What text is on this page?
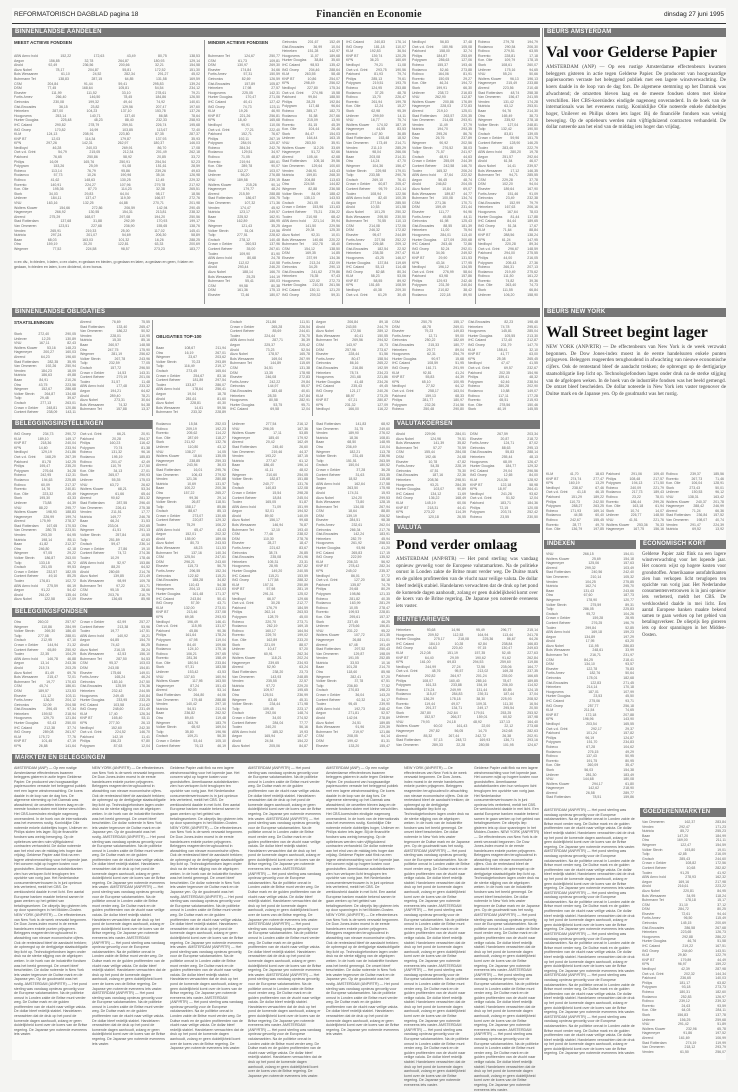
REFORMATORISCH DAGBLAD pagina 18	Financiën en Economie	dinsdag 27 juni 1995
BINNENLANDSE AANDELEN
MEEST ACTIEVE FONDSEN
ABN Amro hold	152,22	172,63	43,49	80,75	138,53
Aegon	156,85	32,78	264,87	180,93	129,14
Ahold	92,49	236,56	200,66	32,21	154,58
Akzo Nobel	78,17	204,87	55,81	172,52	151,30
Bols Wessanen	61,10	24,52	282,34	291,27	45,02
Buhrmann Tet	138,83	287,15	64,85	131,58	169,59
CSM	204,84	91,44	59,41	295,83	139,24
DSM	77,45	168,64	105,81	54,54	234,12
Elsevier	111,99	111,52	33,10	278,61	79,21
Fortis Amev	266,40	146,50	78,45	184,86	126,50
Getronics	230,08	199,32	49,44	74,92	140,61
Gist-Brocades	36,15	23,82	129,56	207,47	197,60
Heineken	287,00	104,23	137,10	153,78	137,26
Hoogovens	253,14	140,71	137,40	86,58	78,64
Hunter Douglas	225,48	48,23	88,40	232,33	258,93
IHC Caland	290,82	278,79	259,51	226,74	195,68
ING Groep	170,82	16,99	103,85	113,67	72,40
KLM	124,13	208,91	223,80	87,35	287,37
KNP BT	12,03	114,34	179,87	137,93	35,93
KPN	297,26	142,31	262,97	180,37	146,03
Nedlloyd	46,28	240,03	269,91	86,70	17,08
Océ-v.d. Grint	54,79	215,05	212,34	201,49	262,18
Pakhoed	76,65	250,86	58,92	20,85	33,72
Philips	16,09	165,76	250,91	254,54	52,23
Polygram	153,26	25,09	91,08	151,61	28,59
Robeco	113,14	76,79	95,86	239,26	49,63
Rodamco	57,73	10,26	190,96	35,04	126,98
Rolinco	41,62	148,63	130,25	12,45	229,32
Rorento	140,91	224,27	107,96	279,78	217,92
Kon. Olie	195,36	87,70	114,23	32,38	265,51
Stork	34,03	29,83	64,04	98,17	18,56
Unilever	184,11	137,47	119,39	166,57	272,76
VNU	163,16	132,25	44,88	270,71	201,98
Wolters Kluwer	154,66	272,86	206,59	142,94	290,45
Hagemeyer	266,92	130,55	154,31	213,81	238,32
Ahrend	275,29	168,07	297,08	194,20	250,56
Stad Rotterdam	137,68	31,88	292,09	170,93	199,17
Van Ommeren	123,51	227,68	236,90	155,65	138,76
Vendex	265,91	219,33	25,00	117,02	145,41
Nutricia	297,24	201,07	54,69	206,30	58,89
Baan	68,03	163,03	101,32	16,26	288,25
Otra	159,19	20,20	122,81	63,33	200,69
Wegener	77,52	224,58	98,57	273,23	183,77
MINDER ACTIEVE FONDSEN
Buhrmann Tet	124,67	250,77
CSM	61,73	109,81
DSM	130,97	269,30
Elsevier	174,84	34,66
Fortis Amev	57,31	150,59
Getronics	82,69	126,59
Gist-Brocades	157,89	105,87
Heineken	17,98	27,57
Hoogovens	225,05	142,31
Hunter Douglas	170,47	271,06
IHC Caland	40,41	127,42
ING Groep	74,73	123,11
KLM	19,26	46,90
KNP BT	221,26	256,81
KPN	18,40	165,68
Nedlloyd	90,91	110,06
Océ-v.d. Grint	77,21	222,40
Pakhoed	152,71	76,67
Philips	192,11	267,19
Polygram	284,91	120,87
Robeco	284,34	242,76
Rodamco	129,51	34,97
Rolinco	71,05	48,87
Rorento	219,94	180,61
Kon. Olie	289,78	90,07
Stork	112,27	103,07
Unilever	56,20	276,88
VNU	189,58	239,15
Wolters Kluwer	215,26	90,14
Hagemeyer	179,77	48,24
Ahrend	215,59	288,88
Stad Rotterdam	186,67	106,75
Van Ommeren	107,32	171,36
Vendex	174,47	45,92
Nutricia	123,17	249,57
Baan	225,52	162,91
Otra	162,89	186,95
Wegener	121,43	35,25
Volker Stevin	51,04	119,56
Tulip	277,51	228,62
Grolsch	278,12	140,48
Crown v Gelder	260,53	137,96
Content Beheer	35,00	267,61
Toolex	109,90	81,90
ABN Amro hold	80,68	24,78
Aegon	112,02	110,58
Ahold	293,44	246,20
Akzo Nobel	188,14	166,70
Bols Wessanen	25,25	144,19
Buhrmann Tet	55,41	150,03
CSM	99,58	80,38
DSM	161,36	175,13
Elsevier	72,46	180,07
Getronics	201,67	152,49
Gist-Brocades	36,99	10,04
Heineken	151,28	142,97
Hoogovens	11,07	189,68
Hunter Douglas 38,84 35,60
IHC Caland	98,53	135,42
ING Groep	204,46	288,64
KLM	263,55	58,48
KNP BT	10,86	254,07
KPN	298,49	256,02
Nedlloyd	227,80	175,34
Océ-v.d. Grint 274,96 15,58
Pakhoed	99,84	188,50
Philips	28,25	192,84
Polygram	117,48	96,64
Robeco	285,17	182,73
Rodamco	51,58	207,66
Rolinco	215,09	13,90
Rorento	81,15	45,39
Kon. Olie	104,44	26,46
Stork	84,47	154,03
Unilever	164,44	163,15
VNU	283,50	35,91
Wolters Kluwer 112,26 33,69
Hagemeyer	51,72	52,66
Ahrend	105,44	42,68
Stad Rotterdam 105,16 39,56
Van Ommeren 129,64 100,60
Vendex	246,91	143,43
Nutricia	159,81	268,30
Baan	204,88	113,63
Otra	224,58	144,82
Wegener	82,88	236,58
Volker Stevin	84,09	188,42
Tulip	135,13	143,53
Grolsch	261,05	41,06
Crown v Gelder 153,96 131,63
Content Beheer 75,21 236,22
Toolex	210,98	68,42
ABN Amro hold 221,14 39,94
Aegon	141,50	229,56
Ahold	29,34	125,30
Akzo Nobel	92,31	10,01
Bols Wessanen 140,66 220,22
Buhrmann Tet 102,78 18,40
CSM	154,12	138,50
DSM	169,35	14,85
Elsevier	237,99	134,36
Fortis Amev	213,24	232,09
Getronics	34,25	290,13
Gist-Brocades 241,62 279,86
Heineken	76,35	97,43
Hoogovens	122,02	272,73
Hunter Douglas 210,35 261,56
IHC Caland	130,11	121,20
ING Groep	239,32	59,31
IHC Caland	240,83	176,14
ING Groep	181,18	110,07
KLM	192,83	36,54
KNP BT	139,74	120,25
KPN	36,23	160,69
Nedlloyd	79,21	11,08
Océ-v.d. Grint 293,75 190,56
Pakhoed	81,93	79,74
Philips	285,13	79,61
Polygram	219,51	193,75
Robeco	124,95	253,88
Rodamco	37,25	48,78
Rolinco	13,70	226,47
Rorento	261,94	199,78
Kon. Olie	12,24	15,27
Stork	62,98	95,39
Unilever	299,59	14,11
VNU	16,77	75,74
Wolters Kluwer 174,02 187,19
Hagemeyer	44,55	83,53
Ahrend	147,50	36,85
Stad Rotterdam 153,48 18,52
Van Ommeren 173,49 214,71
Vendex	211,10	285,29
Nutricia	98,04	266,06
Baan	203,08	214,31
Otra	14,24	47,70
Wegener	104,36	156,47
Volker Stevin	229,98	179,01
Tulip	233,58	290,76
Grolsch	269,10	76,41
Crown v Gelder 60,87 205,47
Content Beheer 95,79 241,14
Toolex	108,94	122,56
ABN Amro hold 82,40 100,35
Aegon	277,54	285,50
Ahold	10,53	101,58
Akzo Nobel	101,25	250,32
Bols Wessanen 295,50 230,50
Buhrmann Tet	70,55	110,13
CSM	214,08	172,06
DSM	246,32	172,82
Elsevier	95,67	244,89
Fortis Amev	227,56	252,22
Getronics	226,68	209,12
Gist-Brocades	182,54	22,52
Heineken	238,35	297,47
Hoogovens	43,25	146,07
Hunter Douglas 137,84 119,69
IHC Caland	53,13	114,48
ING Groep	82,68	80,34
KLM	58,23	53,06
KNP BT	58,55	89,92
KPN	151,65	108,59
Nedlloyd	40,38	209,30
Océ-v.d. Grint	61,29	30,45
Nedlloyd	56,83	37,48
Océ-v.d. Grint 180,96 105,08
Pakhoed	158,00	32,74
Philips	184,87	253,69
Polygram	286,63	127,06
Robeco	155,37	193,46
Rodamco	52,46	273,88
Rolinco	164,06	81,91
Rorento	150,05	29,27
Kon. Olie	46,24	194,72
Stork	199,91	66,30
Unilever	238,72	216,83
VNU	262,90	112,87
Wolters Kluwer 200,86 176,89
Hagemeyer	228,03	272,83
Ahrend	219,10	125,01
Stad Rotterdam 263,57 220,35
Van Ommeren 214,65 293,91
Vendex	11,49	37,79
Nutricia	194,70	293,35
Baan	295,26	86,76
Otra	26,76	237,89
Wegener	90,92	202,56
Volker Stevin	276,52	38,03
Tulip	71,57	241,97
Grolsch	48,91	44,63
Crown v Gelder 255,09 244,39
Content Beheer 242,58 146,70
Toolex	165,32	206,24
ABN Amro hold 37,64 222,52
Aegon	56,45	48,74
Ahold	246,82	204,05
Akzo Nobel	10,84	69,07
Bols Wessanen 189,87 44,77
Buhrmann Tet 100,08 134,74
CSM	271,36	170,71
DSM	159,49	231,44
Elsevier	111,77	94,96
Fortis Amev	45,85	44,11
Getronics	61,98	125,43
Gist-Brocades	88,55	181,39
Heineken	11,00	75,94
Hoogovens	284,01	113,40
Hunter Douglas 127,09 200,68
IHC Caland	263,46	72,86
ING Groep	52,24	292,01
KLM	34,06	249,52
KNP BT	29,90	131,53
KPN	43,34	177,95
Nedlloyd	196,12	134,55
Océ-v.d. Grint	276,99	58,64
Pakhoed	63,98	157,86
Philips	129,93	242,46
Polygram	231,39	240,84
Robeco	210,82	38,42
Rodamco	222,18	89,90
Robeco	279,78	194,79
Rodamco	290,54	206,30
Rolinco	279,51	63,55
Rorento	228,81	17,18
Kon. Olie	109,79	178,15
Stork	108,61	260,07
Unilever	175,16	94,65
VNU	55,24	50,66
Wolters Kluwer 96,13 196,13
Hagemeyer	215,49	233,88
Ahrend	223,56	210,48
Stad Rotterdam 48,74 258,38
Van Ommeren 156,47 241,55
Vendex	131,42	174,28
Nutricia	63,12	253,51
Baan	94,76	214,30
Otra	165,49	38,73
Wegener	235,92	278,18
Volker Stevin	127,04	248,81
Tulip	132,42	190,50
Grolsch	83,81	139,05
Crown v Gelder 59,96 151,75
Content Beheer 128,90 146,25
Toolex	283,46	222,79
ABN Amro hold 280,20 19,78
Aegon	251,57	292,64
Ahold	61,54	46,07
Akzo Nobel	14,41	239,57
Bols Wessanen 17,12 146,35
Buhrmann Tet	94,71	285,55
CSM	229,28	37,78
DSM	102,20	94,04
Elsevier	189,64	167,90
Fortis Amev	151,46	91,09
Getronics	23,49	232,38
Gist-Brocades	152,99	79,79
Heineken	167,63	206,16
Hoogovens	167,64	78,03
Hunter Douglas 81,44 117,88
IHC Caland	84,44	189,65
ING Groep	51,34	17,67
KLM	71,64	88,84
KNP BT	288,56	138,24
KPN	61,24	147,95
Nedlloyd	220,28	89,34
Océ-v.d. Grint 296,67 148,59
Pakhoed	294,00	275,55
Philips	44,00	216,05
Polygram	205,43	27,36
Robeco	266,31	207,13
Rodamco	219,49	275,62
Rolinco	111,50	161,22
Rorento	74,82	39,36
Kon. Olie	263,40	74,73
Stork	111,55	66,84
Unilever	106,20	158,90
x=ex div., b=bieden, l=laten, c=ex claim, e=gedaan en bieden, g=gedaan en laten, a=gedaan en geen, f=laten en gedaan, h=bieden en laten, k=ex dividend, d=ex bonus.
BEURS AMSTERDAM
Val voor Gelderse Papier
AMSTERDAM (ANP) — Op een rustige Amsterdamse effectenbeurs kwamen beleggers gisteren in actie tegen Gelderse Papier. De producent van hoogwaardige papiersoorten verraste het beleggend publiek met een lagere winstverwachting. De koers daalde in de loop van de dag fors. De algemene stemming op het Damrak was afwachtend; de omzetten bleven laag en de meeste fondsen sloten met kleine verschillen. Het CBS-koersindex eindigde nagenoeg onveranderd. In de hoek van de internationals was het eveneens rustig. Koninklijke Olie noteerde enkele dubbeltjes hoger, Unilever en Philips sloten iets lager. Bij de financiële fondsen was weinig beweging. Op de optiebeurs werden ruim vijftigduizend contracten verhandeld. De dollar noteerde aan het eind van de middag iets hoger dan vrijdag.
BINNENLANDSE OBLIGATIES
STAATSLENINGEN
Stork	272,40	290,05
Unilever	12,25	130,89
VNU	167,11	82,43
Wolters Kluwer	53,16	148,23
Hagemeyer	200,27	160,03
Ahrend	64,23	196,60
Stad Rotterdam	282,35	35,95
Van Ommeren	192,26	250,94
Vendex	184,23	18,09
Nutricia	186,63	49,88
Baan	84,91	210,26
Otra	43,75	223,56
Wegener	152,67	286,68
Volker Stevin	264,87	134,68
Tulip	29,48	39,67
Grolsch	277,13	263,01
Crown v Gelder 248,81 120,86
Content Beheer 238,09 143,11
Ahrend	76,69	75,55
Stad Rotterdam	133,40	265,47
Van Ommeren	186,22	50,52
Vendex	228,01	110,95
Nutricia	15,30	85,16
Baan	260,57	148,58
Otra	247,75	175,90
Wegener	281,19	256,62
Volker Stevin	267,78	243,96
Tulip	232,59	77,05
Grolsch	157,72	296,50
Crown v Gelder	14,53	143,31
Content Beheer	279,19	201,06
Toolex	31,57	11,48
ABN Amro hold	177,48	233,32
Aegon	194,21	64,62
Ahold	289,40	78,21
Akzo Nobel	273,31	30,64
Bols Wessanen	74,32	54,38
Buhrmann Tet	157,88	13,37
OBLIGATIES TOP-100
Baan	108,67	211,94
Otra	16,19	267,01
Wegener	23,67	203,62
Volker Stevin	70,23	293,89
Tulip	116,49	219,17
Grolsch	273,45	165,64
Crown v Gelder	254,67	83,16
Content Beheer	181,89	297,54
Toolex	133,87	286,07
ABN Amro hold	178,64	256,41
Aegon	19,04	18,78
Ahold	281,61	81,60
Akzo Nobel	228,81	40,30
Bols Wessanen	14,61	59,56
Buhrmann Tet	233,32	228,89
Grolsch	211,86	111,51
Crown v Gelder	265,28	226,54
Content Beheer	85,69	244,61
Toolex	224,44	276,70
ABN Amro hold	287,71	36,39
Aegon	225,37	225,42
Ahold	73,23	52,54
Akzo Nobel	178,57	165,78
Bols Wessanen	169,04	267,99
Buhrmann Tet	144,89	115,69
CSM	34,51	131,38
DSM	13,35	178,98
Elsevier	246,08	272,83
Fortis Amev	242,22	29,84
Getronics	144,97	55,07
Gist-Brocades	183,48	40,61
Heineken	28,35	247,84
Hoogovens	80,58	282,91
Hunter Douglas	53,75	95,71
IHC Caland	69,58	12,04
Aegon	206,84	89,18
Ahold	243,55	244,79
Akzo Nobel	172,56	289,12
Bols Wessanen	40,41	150,55
Buhrmann Tet	269,56	294,52
CSM	143,97	15,73
DSM	257,96	273,67
Elsevier	228,44	51,56
Fortis Amev	80,47	158,54
Getronics	86,16	265,22
Gist-Brocades	216,86	192,59
Heineken	78,74	234,23
Hoogovens	201,68	221,86
Hunter Douglas	41,48	234,26
IHC Caland	235,43	49,45
ING Groep	121,17	240,26
KLM	88,97	273,25
KNP BT	67,21	280,87
KPN	231,32	127,09
Nedlloyd	166,00	116,22
CSM	250,75	155,17
DSM	48,78	269,01
Elsevier	79,23	149,83
Fortis Amev	12,71	59,00
Getronics	250,22	182,69
Gist-Brocades	215,33	180,77
Heineken	29,77	89,04
Hoogovens	62,31	254,79
Hunter Douglas	90,97	15,68
IHC Caland	108,59	51,95
ING Groep	161,71	291,99
KLM	92,81	41,24
KNP BT	55,83	44,39
KPN	65,10	100,95
Nedlloyd	27,52	64,12
Océ-v.d. Grint	258,17	163,04
Pakhoed	159,13	68,33
Philips	281,77	180,97
Polygram	232,26	214,56
Robeco	250,48	290,80
Gist-Brocades	82,23	198,48
Heineken	74,78	295,61
Hoogovens	145,81	285,04
Hunter Douglas	105,55	213,30
IHC Caland	172,40	212,87
ING Groep	231,79	147,70
KLM	158,41	32,10
KNP BT	41,77	63,00
KPN	25,08	265,45
Nedlloyd	47,47	41,55
Océ-v.d. Grint	69,57	232,67
Pakhoed	202,35	154,96
Philips	159,41	48,32
Polygram	62,46	238,54
Robeco	280,28	202,90
Rodamco	10,88	149,07
Rolinco	117,11	177,28
Rorento	65,51	215,93
Kon. Olie	278,56	150,46
Stork	40,19	145,55
BELEGGINGSINSTELLINGEN
ING Groep	234,73	290,72
KLM	189,10	149,17
KNP BT	218,36	240,04
KPN	14,60	233,94
Nedlloyd	129,19	241,86
Océ-v.d. Grint	168,29	267,39
Pakhoed	81,78	142,25
Philips	195,47	235,20
Polygram	276,64	34,28
Robeco	242,95	112,31
Rodamco	194,63	225,85
Rolinco	60,09	217,37
Rorento	14,76	240,81
Kon. Olie	223,32	20,49
Stork	195,30	43,33
Unilever	73,88	44,39
VNU	88,22	295,77
Wolters Kluwer 198,93 188,83
Hagemeyer	226,99	199,74
Ahrend	175,99	278,37
Stad Rotterdam 167,65 170,53
Van Ommeren	280,75	223,51
Vendex	293,30	64,95
Nutricia	198,14	85,11
Baan	41,82	212,37
Otra	246,80	42,18
Wegener	97,05	29,22
Volker Stevin	186,87	263,00
Tulip	133,18	16,72
Grolsch	251,05	99,53
Crown v Gelder 232,57 182,05
Content Beheer	49,10	85,25
Toolex	176,81	102,72
ABN Amro hold	275,59	66,19
Aegon	91,22	54,42
Ahold	261,00	135,44
Akzo Nobel	122,58	12,09
Océ-v.d. Grint	66,21	20,91
Pakhoed	20,28	294,37
Philips	160,23	116,42
Polygram	70,74	81,38
Robeco	131,32	96,16
Rodamco	195,19	185,83
Rolinco	201,47	42,49
Rorento	110,79	217,50
Kon. Olie	34,13	27,01
Stork	265,07	290,93
Unilever	55,35	175,03
VNU	63,72	26,62
Wolters Kluwer	68,21	53,34
Hagemeyer	61,66	65,44
Ahrend	90,62	281,32
Stad Rotterdam	287,55	296,40
Van Ommeren	226,41	275,38
Vendex	211,51	17,77
Nutricia	149,77	246,78
Baan	66,24	31,53
Otra	233,04	202,65
Wegener	41,51	291,13
Volker Stevin	257,84	10,55
Tulip	251,89	62,63
Grolsch	59,47	236,14
Crown v Gelder	27,86	19,10
Content Beheer	74,72	274,36
Toolex	10,29	178,46
ABN Amro hold	52,97	153,86
Aegon	88,20	64,52
Ahold	280,65	214,76
Akzo Nobel	139,85	221,49
Bols Wessanen	98,99	109,78
Buhrmann Tet	97,22	151,71
CSM	95,15	28,66
DSM	203,76	216,79
Elsevier	136,65	85,98
Rodamco	15,54	252,03
Rolinco	209,19	192,23
Rorento	205,62	114,22
Kon. Olie	287,69	118,27
Stork	211,92	132,76
Unilever	110,80	43,12
VNU	138,27	14,05
Wolters Kluwer	18,64	135,05
Hagemeyer	238,85	259,33
Ahrend	243,94	36,03
Stad Rotterdam	16,01	295,76
Van Ommeren	106,43	279,52
Vendex	121,36	280,88
Nutricia	10,69	131,57
Baan	100,22	200,36
Otra	157,22	265,27
Wegener	99,36	29,14
Volker Stevin	26,87	118,51
Tulip	158,17	85,86
Grolsch	88,67	85,13
Crown v Gelder	273,07	130,65
Content Beheer	220,87	129,32
Toolex	75,29	106,22
ABN Amro hold	65,47	43,43
Aegon	152,01	202,32
Ahold	155,90	189,06
Akzo Nobel	80,73	243,53
Bols Wessanen	48,23	111,53
Buhrmann Tet	137,16	140,34
CSM	125,54	247,61
DSM	296,21	243,60
Elsevier	115,73	56,70
Fortis Amev	296,55	152,34
Getronics	122,62	115,21
Gist-Brocades	188,28	34,82
Heineken	110,43	54,38
Hoogovens	204,13	113,03
Hunter Douglas	161,48	171,37
IHC Caland	243,84	50,41
ING Groep	57,39	43,71
KLM	132,00	273,01
KNP BT	213,46	237,08
KPN	69,08	293,93
Nedlloyd	196,49	146,41
Océ-v.d. Grint	115,95	131,07
Pakhoed	45,86	90,36
Philips	161,64	178,24
Polygram	47,98	119,04
Robeco	84,40	109,66
Rodamco	124,10	175,16
Rolinco	106,21	297,65
Rorento	281,36	158,49
Kon. Olie	180,54	233,84
Stork	97,31	183,58
Unilever	153,42	43,53
VNU	137,63	160,94
Wolters Kluwer	117,95	163,50
Hagemeyer	87,24	151,43
Ahrend	92,03	53,14
Stad Rotterdam	264,80	44,06
Van Ommeren	179,48	288,88
Vendex	140,42	297,10
Nutricia	54,51	211,94
Baan	236,82	262,52
Otra	89,45	119,48
Wegener	163,76	183,79
Volker Stevin	65,92	169,04
Tulip	35,80	196,96
Grolsch	109,21	56,30
Crown v Gelder	53,44	105,10
Content Beheer	76,13	46,19
Unilever	277,54	216,12
VNU	296,05	167,36
Wolters Kluwer	17,11	53,85
Hagemeyer	185,40	179,92
Ahrend	20,42	162,49
Stad Rotterdam	245,40	26,60
Van Ommeren	219,46	44,37
Vendex	193,22	187,15
Nutricia	277,67	61,12
Baan	186,40	196,14
Otra	41,11	48,02
Wegener	210,60	254,05
Volker Stevin	182,87	151,88
Tulip	240,77	131,76
Grolsch	140,83	122,08
Crown v Gelder	15,54	298,28
Content Beheer	18,84	245,04
Toolex	165,05	51,87
ABN Amro hold	71,09	151,99
Aegon	52,01	194,52
Ahold	89,92	140,09
Akzo Nobel	156,17	99,68
Bols Wessanen	146,94	76,87
Buhrmann Tet	12,10	193,40
CSM	77,46	238,02
DSM	110,30	278,76
Elsevier	28,27	18,47
Fortis Amev	221,62	83,67
Getronics	38,74	26,85
Gist-Brocades	235,08	291,96
Heineken	105,31	23,31
Hoogovens	28,95	287,82
Hunter Douglas	149,20	240,55
IHC Caland	115,21	153,59
ING Groep	177,58	288,32
KLM	157,31	250,89
KNP BT	57,98	281,19
KPN	291,31	125,02
Nedlloyd	66,07	129,66
Océ-v.d. Grint	30,28	212,77
Pakhoed	176,79	184,59
Philips	262,14	263,53
Polygram	128,79	45,00
Robeco	220,70	273,71
Rodamco	262,19	169,15
Rolinco	160,17	164,54
Rorento	229,70	199,02
Kon. Olie	162,89	233,20
Stork	221,09	88,07
Unilever	10,47	57,20
VNU	60,91	262,34
Wolters Kluwer	118,21	202,24
Hagemeyer	239,65	234,93
Ahrend	52,90	63,24
Stad Rotterdam	238,20	23,73
Van Ommeren	143,93	248,85
Vendex	235,55	22,57
Nutricia	97,72	229,20
Baan	109,97	195,65
Otra	125,51	236,99
Wegener	83,46	45,31
Volker Stevin	234,44	171,98
Tulip	109,45	223,17
Grolsch	292,06	148,74
Crown v Gelder	34,00	274,52
Content Beheer	284,04	77,77
Toolex	240,20	56,16
ABN Amro hold	185,32	19,93
Aegon	165,94	187,47
Ahold	24,54	154,22
Akzo Nobel	205,06	84,87
Stad Rotterdam	141,83	68,92
Van Ommeren	31,75	249,60
Vendex	189,90	276,02
Nutricia	18,36	108,81
Baan	68,50	148,95
Otra	236,49	110,04
Wegener	182,21	113,78
Volker Stevin	231,45	238,96
Tulip	151,51	263,59
Grolsch	150,04	180,52
Crown v Gelder	37,28	36,28
Content Beheer	31,63	253,35
Toolex	18,52	115,68
ABN Amro hold	162,64	217,58
Aegon	263,50	175,98
Ahold	174,31	15,93
Akzo Nobel	124,20	299,53
Bols Wessanen	73,80	128,15
Buhrmann Tet	134,08	267,94
CSM	18,64	88,80
DSM	139,19	206,52
Elsevier	284,51	98,38
Fortis Amev	232,61	262,04
Getronics	266,34	217,76
Gist-Brocades	142,24	183,91
Heineken	282,79	45,94
Hoogovens	261,92	258,53
Hunter Douglas	93,96	41,20
IHC Caland	265,83	117,15
ING Groep	222,59	135,52
KLM	236,33	56,92
KNP BT	278,42	282,34
KPN	245,02	235,37
Nedlloyd	86,01	37,72
Océ-v.d. Grint	127,20	58,18
Pakhoed	135,87	74,76
Philips	29,68	80,29
Polygram	198,86	121,33
Robeco	281,82	40,35
Rodamco	163,99	281,29
Rolinco	10,05	278,47
Rorento	199,53	228,81
Kon. Olie	295,61	157,37
Stork	237,45	46,25
Unilever	275,66	156,81
VNU	231,22	95,22
Wolters Kluwer	107,72	101,35
Hagemeyer	26,88	211,01
Ahrend	67,48	191,49
Stad Rotterdam	297,52	250,43
Van Ommeren	129,87	198,09
Vendex	191,05	252,85
Nutricia	33,53	10,16
Baan	101,28	214,70
Otra	118,60	85,98
Wegener	282,41	57,20
Volker Stevin	37,78	67,51
Tulip	236,80	77,52
Grolsch	270,83	198,23
Crown v Gelder	36,04	143,20
Content Beheer	62,32	34,17
Toolex	95,45	239,90
ABN Amro hold	192,73	248,42
Aegon	271,81	52,57
Ahold	142,94	278,89
Akzo Nobel	24,51	189,85
Bols Wessanen	91,96	229,39
Buhrmann Tet	219,97	121,86
CSM	208,05	64,14
DSM	199,42	81,31
Elsevier	133,20	155,47
BELEGGINGSFONDSEN
Otra	260,02	257,97
Wegener	110,86	284,99
Volker Stevin	269,30	186,40
Tulip	277,08	288,01
Grolsch	212,95	67,10
Crown v Gelder	144,94	21,32
Content Beheer	65,89	250,92
Toolex	22,35	104,29
ABN Amro hold	146,78	46,88
Aegon	13,14	243,36
Ahold	215,74	203,25
Akzo Nobel	81,49	69,76
Bols Wessanen	215,47	72,01
Buhrmann Tet	19,77	170,63
CSM	45,74	186,61
DSM	189,57	123,53
Elsevier	111,12	103,11
Fortis Amev	136,20	204,12
Getronics	32,09	204,58
Gist-Brocades	296,45	97,34
Heineken	159,52	218,94
Hoogovens	129,70	121,84
Hunter Douglas	92,43	250,00
IHC Caland	212,38	37,74
ING Groep	289,08	261,97
KLM	175,72	77,76
KNP BT	101,45	47,19
KPN	26,88	141,64
Crown v Gelder	62,99	257,27
Content Beheer	213,38	53,96
Toolex	19,77	147,51
ABN Amro hold	140,92	15,21
Aegon	64,85	154,70
Ahold	74,42	86,25
Akzo Nobel	216,15	28,24
Bols Wessanen	42,53	156,10
Buhrmann Tet	287,50	54,53
CSM	95,37	103,03
DSM	243,08	154,81
Elsevier	175,66	149,01
Fortis Amev	165,24	46,24
Getronics	183,16	247,50
Gist-Brocades	125,59	176,36
Heineken	232,42	244,55
Hoogovens	249,45	240,84
Hunter Douglas	233,95	233,25
IHC Caland	103,58	214,62
ING Groep	248,60	231,49
KLM	17,40	126,34
KNP BT	165,40	53,11
KPN	277,30	26,13
Nedlloyd	152,60	242,30
Océ-v.d. Grint	224,52	146,70
Pakhoed	142,19	11,41
Philips	156,23	97,80
Polygram	87,63	12,04
VALUTAKOERSEN
Ahold	229,96	284,01
Akzo Nobel	124,96	79,51
Bols Wessanen	141,39	35,82
Buhrmann Tet	57,27	70,59
CSM	155,44	284,08
DSM	192,46	24,68
Elsevier	10,78	47,82
Fortis Amev	54,35	228,19
Getronics	47,51	75,30
Gist-Brocades	187,16	22,36
Heineken	208,36	298,51
Hoogovens	93,21	284,35
Hunter Douglas	103,07	90,89
IHC Caland	134,12	11,69
ING Groep	136,22	168,49
KLM	145,19	60,06
KNP BT	218,31	44,41
KPN	273,22	114,39
Nedlloyd	120,18	26,55
DSM	267,59	203,34
Elsevier	20,87	218,72
Fortis Amev	124,71	87,02
Getronics	88,63	295,13
Gist-Brocades	55,83	288,14
Heineken	255,44	48,13
Hoogovens	68,09	126,47
Hunter Douglas	184,77	129,32
IHC Caland	29,04	296,56
ING Groep	12,65	84,00
KLM	214,36	128,92
KNP BT	122,18	58,98
KPN	18,97	264,41
Nedlloyd	241,26	93,62
Océ-v.d. Grint	51,52	12,04
Pakhoed	183,71	184,36
Philips	72,15	120,08
Polygram	203,74	252,42
Robeco	23,55	230,50
VALUTA
Pond verder omlaag
AMSTERDAM (ANP/RTR) — Het pond sterling was vandaag opnieuw gevoelig voor de Europese valutamarkten. Na de politieke onrust in Londen zakte de Britse munt verder weg. De Duitse mark en de gulden profiteerden van de vlucht naar veilige valuta. De dollar bleef redelijk stabiel. Handelaren verwachten dat de druk op het pond de komende dagen aanhoudt, zolang er geen duidelijkheid komt over de koers van de Britse regering. De Japanse yen noteerde eveneens iets vaster.
RENTETARIEVEN
Heineken	93,68	14,96	95,49	296,77	215,14
Hoogovens	209,52	112,53	164,94	113,44	241,78
Hunter Douglas	275,17	218,08	225,36	86,67	64,26
IHC Caland	184,10	10,28	62,84	238,84	166,83
ING Groep	44,63	220,40	97,15	130,47	249,63
KLM	212,08	151,19	157,35	52,45	227,63
KNP BT	64,40	29,09	190,62	91,62	262,84
KPN	161,00	69,83	294,53	259,60	119,86
Nedlloyd	244,99	27,24	72,56	235,06	164,77
Océ-v.d. Grint	48,76	95,57	213,02	169,28	237,35
Pakhoed	292,82	264,97	201,24	235,00	166,65
Philips	108,07	160,40	285,16	78,67	189,85
Polygram	161,33	233,88	154,19	206,00	114,52
Robeco	174,24	249,99	131,44	80,85	124,15
Rodamco	115,47	284,83	239,31	187,44	37,04
Rolinco	136,29	178,18	38,30	225,93	208,52
Rorento	119,44	49,07	109,31	111,30	16,54
Kon. Olie	291,37	134,71	249,17	295,54	20,50
Stork	287,80	242,64	179,51	253,25	253,52
Unilever	152,57	266,37	159,01	60,52	157,98
VNU	79,93	24,18	48,92	137,13	164,40
Wolters Kluwer	60,02	161,43	22,00	22,12	273,68
Hagemeyer	297,82	56,05	14,70	242,68	282,63
Ahrend	85,32	267,44	242,72	26,38	202,91
Stad Rotterdam	57,13	248,72	169,93	136,71	293,16
Van Ommeren	289,33	22,28	280,55	101,95	124,67
BEURS NEW YORK
Wall Street begint lager
NEW YORK (ANP/RTR) — De effectenbeurs van New York is de week verzwakt begonnen. De Dow Jones-index moest in de eerste handelsuren enkele punten prijsgeven. Beleggers reageerden terughoudend in afwachting van nieuwe economische cijfers. Ook de rentestand bleef de aandacht trekken; de opbrengst op de dertigjarige staatsobligatie liep licht op. Technologiefondsen lagen onder druk na de sterke stijging van de afgelopen weken. In de hoek van de industriële fondsen was het beeld gemengd. De omzet bleef bescheiden. De dollar noteerde in New York iets vaster tegenover de Duitse mark en de Japanse yen. Op de goudmarkt was het rustig.
KLM	41,70	18,63
KNP BT	274,74	277,47
KPN	160,19	13,29
Nedlloyd	238,67	67,46
Océ-v.d. Grint	41,18	46,15
Pakhoed	151,29	189,22
Philips	110,73	242,50
Polygram	288,27	263,25
Robeco	171,93	169,14
Rodamco	44,55	60,40
Rolinco	242,67	155,45
Rorento	28,77	49,70
Kon. Olie	136,79	197,85
Pakhoed	291,06	109,40
Philips	108,48	217,57
Polygram	194,13	171,50
Robeco	240,09	221,79
Rodamco	217,73	189,43
Rolinco	23,22	78,01
Rorento	186,44	299,26
Kon. Olie	163,18	61,94
Stork	10,74	14,07
Unilever	226,77	148,50
VNU	41,51	221,76
Wolters Kluwer 253,36 76,33
Hagemeyer	167,75	156,16
Rolinco	239,37	185,56
Rorento	267,73	71,46
Kon. Olie	106,04	128,91
Stork	273,43	50,01
Unilever	150,53	96,12
VNU	138,31	163,42
Wolters Kluwer 240,37 201,78
Hagemeyer	288,42	246,99
Ahrend	71,24	66,36
Stad Rotterdam 236,84 157,52
Van Ommeren 198,07 40,74
Vendex	291,47	224,39
Nutricia	69,52	13,92
INDEXEN
VNU	266,15	154,01
Wolters Kluwer	25,69	154,18
Hagemeyer	125,06	157,63
Ahrend	299,32	103,49
Stad Rotterdam	240,56	242,40
Van Ommeren	210,14	105,32
Vendex	104,25	275,85
Nutricia	162,74	295,70
Baan	131,43	243,66
Otra	67,60	187,73
Wegener	178,90	120,77
Volker Stevin	275,59	89,31
Tulip	286,05	225,83
Grolsch	95,72	104,26
Crown v Gelder	159,28	28,95
Content Beheer	276,25	196,79
Toolex	299,84	52,85
ABN Amro hold	169,18	159,23
Aegon	134,89	197,29
Ahold	17,95	63,20
Akzo Nobel	111,95	286,83
Bols Wessanen	248,61	33,99
Buhrmann Tet	216,71	231,97
CSM	84,25	218,41
DSM	134,10	93,57
Elsevier	122,78	75,83
Fortis Amev	182,76	50,64
Getronics	178,01	182,68
Gist-Brocades	122,83	271,45
Heineken	214,14	170,18
Hoogovens	187,01	107,99
Hunter Douglas	23,53	45,50
IHC Caland	275,06	93,71
ING Groep	257,77	256,18
KLM	211,54	74,65
KNP BT	172,18	207,88
KPN	196,96	143,90
Nedlloyd	203,54	165,55
Océ-v.d. Grint	292,17	29,37
Pakhoed	101,24	157,82
Philips	96,19	124,87
Polygram	151,70	234,83
Robeco	67,28	104,62
Rodamco	276,15	49,29
Rolinco	137,43	50,95
Rorento	191,75	80,95
Kon. Olie	260,09	35,47
Stork	56,03	154,38
Unilever	281,30	183,49
VNU	144,68	180,08
Wolters Kluwer	294,17	61,80
Hagemeyer	142,62	218,90
Ahrend	26,58	289,77
Stad Rotterdam	78,51	159,86
ECONOMISCH KORT
Gelderse Papier zakt flink na een lagere winstverwachting voor het lopende jaar. Het concern wijst op hogere kosten voor grondstoffen. Amerikaanse autofabrikanten zien hun verkopen licht teruglopen ten opzichte van vorig jaar. Het Nederlandse consumentenvertrouwen is in juni opnieuw iets verbeterd, meldt het CBS. De werkloosheid daalde in mei licht. Een aantal Europese banken maakte bekend samen te gaan werken op het gebied van betalingsverkeer. De olieprijs liep gisteren iets op door spanningen in het Midden-Oosten.
GOEDERENMARKTEN
Van Ommeren	162,37	283,84
Vendex	292,47	171,23
Nutricia	85,72	255,23
Baan	147,20	184,99
Otra	169,00	211,11
Wegener	122,47	154,59
Volker Stevin	193,80	19,01
Tulip	42,85	216,09
Grolsch	285,43	244,60
Crown v Gelder	108,82	172,56
Content Beheer	10,68	282,82
Toolex	91,25	41,92
ABN Amro hold	278,93	162,32
Aegon	169,16	217,98
Ahold	216,61	223,22
Akzo Nobel	220,81	84,95
Bols Wessanen	34,95	118,24
Buhrmann Tet	178,18	15,17
CSM	31,10	37,12
DSM	284,72	80,25
Elsevier	72,61	94,44
Fortis Amev	96,50	115,49
Getronics	145,15	200,69
Gist-Brocades	286,58	267,68
Heineken	223,65	126,73
Hoogovens	292,88	286,22
Hunter Douglas	46,76	51,58
IHC Caland	219,22	167,51
ING Groep	244,60	143,51
KLM	29,80	122,79
KNP BT	179,89	44,49
KPN	96,97	159,22
Nedlloyd	42,39	287,98
Océ-v.d. Grint	202,32	144,34
Pakhoed	236,65	140,03
Philips	181,17	63,82
Polygram	93,18	273,73
Robeco	180,31	182,60
Rodamco	252,83	126,97
Rolinco	239,12	239,32
Rorento	24,63	93,59
Kon. Olie	64,03	284,11
Stork	156,83	137,78
Unilever	156,25	259,68
VNU	291,42	51,89
Wolters Kluwer	232,96	65,78
Hagemeyer	91,86	197,52
Ahrend	161,69	106,99
Stad Rotterdam	274,19	119,99
Van Ommeren	218,12	293,79
Vendex	61,50	256,07
MARKTEN EN BELEGGINGEN
AMSTERDAM (ANP) — Op een rustige Amsterdamse effectenbeurs kwamen beleggers gisteren in actie tegen Gelderse Papier. De producent van hoogwaardige papiersoorten verraste het beleggend publiek met een lagere winstverwachting. De koers daalde in de loop van de dag fors. De algemene stemming op het Damrak was afwachtend; de omzetten bleven laag en de meeste fondsen sloten met kleine verschillen. Het CBS-koersindex eindigde nagenoeg onveranderd. In de hoek van de internationals was het eveneens rustig. Koninklijke Olie noteerde enkele dubbeltjes hoger, Unilever en Philips sloten iets lager. Bij de financiële fondsen was weinig beweging. Op de optiebeurs werden ruim vijftigduizend contracten verhandeld. De dollar noteerde aan het eind van de middag iets hoger dan vrijdag. Gelderse Papier zakt flink na een lagere winstverwachting voor het lopende jaar. Het concern wijst op hogere kosten voor grondstoffen. Amerikaanse autofabrikanten zien hun verkopen licht teruglopen ten opzichte van vorig jaar. Het Nederlandse consumentenvertrouwen is in juni opnieuw iets verbeterd, meldt het CBS. De werkloosheid daalde in mei licht. Een aantal Europese banken maakte bekend samen te gaan werken op het gebied van betalingsverkeer. De olieprijs liep gisteren iets op door spanningen in het Midden-Oosten. NEW YORK (ANP/RTR) — De effectenbeurs van New York is de week verzwakt begonnen. De Dow Jones-index moest in de eerste handelsuren enkele punten prijsgeven. Beleggers reageerden terughoudend in afwachting van nieuwe economische cijfers. Ook de rentestand bleef de aandacht trekken; de opbrengst op de dertigjarige staatsobligatie liep licht op. Technologiefondsen lagen onder druk na de sterke stijging van de afgelopen weken. In de hoek van de industriële fondsen was het beeld gemengd. De omzet bleef bescheiden. De dollar noteerde in New York iets vaster tegenover de Duitse mark en de Japanse yen. Op de goudmarkt was het rustig. AMSTERDAM (ANP/RTR) — Het pond sterling was vandaag opnieuw gevoelig voor de Europese valutamarkten. Na de politieke onrust in Londen zakte de Britse munt verder weg. De Duitse mark en de gulden profiteerden van de vlucht naar veilige valuta. De dollar bleef redelijk stabiel. Handelaren verwachten dat de druk op het pond de komende dagen aanhoudt, zolang er geen duidelijkheid komt over de koers van de Britse regering. De Japanse yen noteerde eveneens iets vaster.
NEW YORK (ANP/RTR) — De effectenbeurs van New York is de week verzwakt begonnen. De Dow Jones-index moest in de eerste handelsuren enkele punten prijsgeven. Beleggers reageerden terughoudend in afwachting van nieuwe economische cijfers. Ook de rentestand bleef de aandacht trekken; de opbrengst op de dertigjarige staatsobligatie liep licht op. Technologiefondsen lagen onder druk na de sterke stijging van de afgelopen weken. In de hoek van de industriële fondsen was het beeld gemengd. De omzet bleef bescheiden. De dollar noteerde in New York iets vaster tegenover de Duitse mark en de Japanse yen. Op de goudmarkt was het rustig. AMSTERDAM (ANP/RTR) — Het pond sterling was vandaag opnieuw gevoelig voor de Europese valutamarkten. Na de politieke onrust in Londen zakte de Britse munt verder weg. De Duitse mark en de gulden profiteerden van de vlucht naar veilige valuta. De dollar bleef redelijk stabiel. Handelaren verwachten dat de druk op het pond de komende dagen aanhoudt, zolang er geen duidelijkheid komt over de koers van de Britse regering. De Japanse yen noteerde eveneens iets vaster. AMSTERDAM (ANP/RTR) — Het pond sterling was vandaag opnieuw gevoelig voor de Europese valutamarkten. Na de politieke onrust in Londen zakte de Britse munt verder weg. De Duitse mark en de gulden profiteerden van de vlucht naar veilige valuta. De dollar bleef redelijk stabiel. Handelaren verwachten dat de druk op het pond de komende dagen aanhoudt, zolang er geen duidelijkheid komt over de koers van de Britse regering. De Japanse yen noteerde eveneens iets vaster. AMSTERDAM (ANP/RTR) — Het pond sterling was vandaag opnieuw gevoelig voor de Europese valutamarkten. Na de politieke onrust in Londen zakte de Britse munt verder weg. De Duitse mark en de gulden profiteerden van de vlucht naar veilige valuta. De dollar bleef redelijk stabiel. Handelaren verwachten dat de druk op het pond de komende dagen aanhoudt, zolang er geen duidelijkheid komt over de koers van de Britse regering. De Japanse yen noteerde eveneens iets vaster. AMSTERDAM (ANP/RTR) — Het pond sterling was vandaag opnieuw gevoelig voor de Europese valutamarkten. Na de politieke onrust in Londen zakte de Britse munt verder weg. De Duitse mark en de gulden profiteerden van de vlucht naar veilige valuta. De dollar bleef redelijk stabiel. Handelaren verwachten dat de druk op het pond de komende dagen aanhoudt, zolang er geen duidelijkheid komt over de koers van de Britse regering. De Japanse yen noteerde eveneens iets vaster.
Gelderse Papier zakt flink na een lagere winstverwachting voor het lopende jaar. Het concern wijst op hogere kosten voor grondstoffen. Amerikaanse autofabrikanten zien hun verkopen licht teruglopen ten opzichte van vorig jaar. Het Nederlandse consumentenvertrouwen is in juni opnieuw iets verbeterd, meldt het CBS. De werkloosheid daalde in mei licht. Een aantal Europese banken maakte bekend samen te gaan werken op het gebied van betalingsverkeer. De olieprijs liep gisteren iets op door spanningen in het Midden-Oosten. NEW YORK (ANP/RTR) — De effectenbeurs van New York is de week verzwakt begonnen. De Dow Jones-index moest in de eerste handelsuren enkele punten prijsgeven. Beleggers reageerden terughoudend in afwachting van nieuwe economische cijfers. Ook de rentestand bleef de aandacht trekken; de opbrengst op de dertigjarige staatsobligatie liep licht op. Technologiefondsen lagen onder druk na de sterke stijging van de afgelopen weken. In de hoek van de industriële fondsen was het beeld gemengd. De omzet bleef bescheiden. De dollar noteerde in New York iets vaster tegenover de Duitse mark en de Japanse yen. Op de goudmarkt was het rustig. AMSTERDAM (ANP/RTR) — Het pond sterling was vandaag opnieuw gevoelig voor de Europese valutamarkten. Na de politieke onrust in Londen zakte de Britse munt verder weg. De Duitse mark en de gulden profiteerden van de vlucht naar veilige valuta. De dollar bleef redelijk stabiel. Handelaren verwachten dat de druk op het pond de komende dagen aanhoudt, zolang er geen duidelijkheid komt over de koers van de Britse regering. De Japanse yen noteerde eveneens iets vaster. AMSTERDAM (ANP/RTR) — Het pond sterling was vandaag opnieuw gevoelig voor de Europese valutamarkten. Na de politieke onrust in Londen zakte de Britse munt verder weg. De Duitse mark en de gulden profiteerden van de vlucht naar veilige valuta. De dollar bleef redelijk stabiel. Handelaren verwachten dat de druk op het pond de komende dagen aanhoudt, zolang er geen duidelijkheid komt over de koers van de Britse regering. De Japanse yen noteerde eveneens iets vaster. AMSTERDAM (ANP/RTR) — Het pond sterling was vandaag opnieuw gevoelig voor de Europese valutamarkten. Na de politieke onrust in Londen zakte de Britse munt verder weg. De Duitse mark en de gulden profiteerden van de vlucht naar veilige valuta. De dollar bleef redelijk stabiel. Handelaren verwachten dat de druk op het pond de komende dagen aanhoudt, zolang er geen duidelijkheid komt over de koers van de Britse regering. De Japanse yen noteerde eveneens iets vaster.
AMSTERDAM (ANP/RTR) — Het pond sterling was vandaag opnieuw gevoelig voor de Europese valutamarkten. Na de politieke onrust in Londen zakte de Britse munt verder weg. De Duitse mark en de gulden profiteerden van de vlucht naar veilige valuta. De dollar bleef redelijk stabiel. Handelaren verwachten dat de druk op het pond de komende dagen aanhoudt, zolang er geen duidelijkheid komt over de koers van de Britse regering. De Japanse yen noteerde eveneens iets vaster. AMSTERDAM (ANP/RTR) — Het pond sterling was vandaag opnieuw gevoelig voor de Europese valutamarkten. Na de politieke onrust in Londen zakte de Britse munt verder weg. De Duitse mark en de gulden profiteerden van de vlucht naar veilige valuta. De dollar bleef redelijk stabiel. Handelaren verwachten dat de druk op het pond de komende dagen aanhoudt, zolang er geen duidelijkheid komt over de koers van de Britse regering. De Japanse yen noteerde eveneens iets vaster. AMSTERDAM (ANP/RTR) — Het pond sterling was vandaag opnieuw gevoelig voor de Europese valutamarkten. Na de politieke onrust in Londen zakte de Britse munt verder weg. De Duitse mark en de gulden profiteerden van de vlucht naar veilige valuta. De dollar bleef redelijk stabiel. Handelaren verwachten dat de druk op het pond de komende dagen aanhoudt, zolang er geen duidelijkheid komt over de koers van de Britse regering. De Japanse yen noteerde eveneens iets vaster. AMSTERDAM (ANP/RTR) — Het pond sterling was vandaag opnieuw gevoelig voor de Europese valutamarkten. Na de politieke onrust in Londen zakte de Britse munt verder weg. De Duitse mark en de gulden profiteerden van de vlucht naar veilige valuta. De dollar bleef redelijk stabiel. Handelaren verwachten dat de druk op het pond de komende dagen aanhoudt, zolang er geen duidelijkheid komt over de koers van de Britse regering. De Japanse yen noteerde eveneens iets vaster. AMSTERDAM (ANP/RTR) — Het pond sterling was vandaag opnieuw gevoelig voor de Europese valutamarkten. Na de politieke onrust in Londen zakte de Britse munt verder weg. De Duitse mark en de gulden profiteerden van de vlucht naar veilige valuta. De dollar bleef redelijk stabiel. Handelaren verwachten dat de druk op het pond de komende dagen aanhoudt, zolang er geen duidelijkheid komt over de koers van de Britse regering. De Japanse yen noteerde eveneens iets vaster. AMSTERDAM (ANP/RTR) — Het pond sterling was vandaag opnieuw gevoelig voor de Europese valutamarkten. Na de politieke onrust in Londen zakte de Britse munt verder weg. De Duitse mark en de gulden profiteerden van de vlucht naar veilige valuta. De dollar bleef redelijk stabiel. Handelaren verwachten dat de druk op het pond de komende dagen aanhoudt, zolang er geen duidelijkheid komt over de koers van de Britse regering. De Japanse yen noteerde eveneens iets vaster.
AMSTERDAM (ANP) — Op een rustige Amsterdamse effectenbeurs kwamen beleggers gisteren in actie tegen Gelderse Papier. De producent van hoogwaardige papiersoorten verraste het beleggend publiek met een lagere winstverwachting. De koers daalde in de loop van de dag fors. De algemene stemming op het Damrak was afwachtend; de omzetten bleven laag en de meeste fondsen sloten met kleine verschillen. Het CBS-koersindex eindigde nagenoeg onveranderd. In de hoek van de internationals was het eveneens rustig. Koninklijke Olie noteerde enkele dubbeltjes hoger, Unilever en Philips sloten iets lager. Bij de financiële fondsen was weinig beweging. Op de optiebeurs werden ruim vijftigduizend contracten verhandeld. De dollar noteerde aan het eind van de middag iets hoger dan vrijdag. Gelderse Papier zakt flink na een lagere winstverwachting voor het lopende jaar. Het concern wijst op hogere kosten voor grondstoffen. Amerikaanse autofabrikanten zien hun verkopen licht teruglopen ten opzichte van vorig jaar. Het Nederlandse consumentenvertrouwen is in juni opnieuw iets verbeterd, meldt het CBS. De werkloosheid daalde in mei licht. Een aantal Europese banken maakte bekend samen te gaan werken op het gebied van betalingsverkeer. De olieprijs liep gisteren iets op door spanningen in het Midden-Oosten. NEW YORK (ANP/RTR) — De effectenbeurs van New York is de week verzwakt begonnen. De Dow Jones-index moest in de eerste handelsuren enkele punten prijsgeven. Beleggers reageerden terughoudend in afwachting van nieuwe economische cijfers. Ook de rentestand bleef de aandacht trekken; de opbrengst op de dertigjarige staatsobligatie liep licht op. Technologiefondsen lagen onder druk na de sterke stijging van de afgelopen weken. In de hoek van de industriële fondsen was het beeld gemengd. De omzet bleef bescheiden. De dollar noteerde in New York iets vaster tegenover de Duitse mark en de Japanse yen. Op de goudmarkt was het rustig. AMSTERDAM (ANP/RTR) — Het pond sterling was vandaag opnieuw gevoelig voor de Europese valutamarkten. Na de politieke onrust in Londen zakte de Britse munt verder weg. De Duitse mark en de gulden profiteerden van de vlucht naar veilige valuta. De dollar bleef redelijk stabiel. Handelaren verwachten dat de druk op het pond de komende dagen aanhoudt, zolang er geen duidelijkheid komt over de koers van de Britse regering. De Japanse yen noteerde eveneens iets vaster.
NEW YORK (ANP/RTR) — De effectenbeurs van New York is de week verzwakt begonnen. De Dow Jones-index moest in de eerste handelsuren enkele punten prijsgeven. Beleggers reageerden terughoudend in afwachting van nieuwe economische cijfers. Ook de rentestand bleef de aandacht trekken; de opbrengst op de dertigjarige staatsobligatie liep licht op. Technologiefondsen lagen onder druk na de sterke stijging van de afgelopen weken. In de hoek van de industriële fondsen was het beeld gemengd. De omzet bleef bescheiden. De dollar noteerde in New York iets vaster tegenover de Duitse mark en de Japanse yen. Op de goudmarkt was het rustig. AMSTERDAM (ANP/RTR) — Het pond sterling was vandaag opnieuw gevoelig voor de Europese valutamarkten. Na de politieke onrust in Londen zakte de Britse munt verder weg. De Duitse mark en de gulden profiteerden van de vlucht naar veilige valuta. De dollar bleef redelijk stabiel. Handelaren verwachten dat de druk op het pond de komende dagen aanhoudt, zolang er geen duidelijkheid komt over de koers van de Britse regering. De Japanse yen noteerde eveneens iets vaster. AMSTERDAM (ANP/RTR) — Het pond sterling was vandaag opnieuw gevoelig voor de Europese valutamarkten. Na de politieke onrust in Londen zakte de Britse munt verder weg. De Duitse mark en de gulden profiteerden van de vlucht naar veilige valuta. De dollar bleef redelijk stabiel. Handelaren verwachten dat de druk op het pond de komende dagen aanhoudt, zolang er geen duidelijkheid komt over de koers van de Britse regering. De Japanse yen noteerde eveneens iets vaster. AMSTERDAM (ANP/RTR) — Het pond sterling was vandaag opnieuw gevoelig voor de Europese valutamarkten. Na de politieke onrust in Londen zakte de Britse munt verder weg. De Duitse mark en de gulden profiteerden van de vlucht naar veilige valuta. De dollar bleef redelijk stabiel. Handelaren verwachten dat de druk op het pond de komende dagen aanhoudt, zolang er geen duidelijkheid komt over de koers van de Britse regering. De Japanse yen noteerde eveneens iets vaster. AMSTERDAM (ANP/RTR) — Het pond sterling was vandaag opnieuw gevoelig voor de Europese valutamarkten. Na de politieke onrust in Londen zakte de Britse munt verder weg. De Duitse mark en de gulden profiteerden van de vlucht naar veilige valuta. De dollar bleef redelijk stabiel. Handelaren verwachten dat de druk op het pond de komende dagen aanhoudt, zolang er geen duidelijkheid komt over de koers van de Britse regering. De Japanse yen noteerde eveneens iets vaster.
Gelderse Papier zakt flink na een lagere winstverwachting voor het lopende jaar. Het concern wijst op hogere kosten voor grondstoffen. Amerikaanse autofabrikanten zien hun verkopen licht teruglopen ten opzichte van vorig jaar. Het Nederlandse consumentenvertrouwen is in juni opnieuw iets verbeterd, meldt het CBS. De werkloosheid daalde in mei licht. Een aantal Europese banken maakte bekend samen te gaan werken op het gebied van betalingsverkeer. De olieprijs liep gisteren iets op door spanningen in het Midden-Oosten. NEW YORK (ANP/RTR) — De effectenbeurs van New York is de week verzwakt begonnen. De Dow Jones-index moest in de eerste handelsuren enkele punten prijsgeven. Beleggers reageerden terughoudend in afwachting van nieuwe economische cijfers. Ook de rentestand bleef de aandacht trekken; de opbrengst op de dertigjarige staatsobligatie liep licht op. Technologiefondsen lagen onder druk na de sterke stijging van de afgelopen weken. In de hoek van de industriële fondsen was het beeld gemengd. De omzet bleef bescheiden. De dollar noteerde in New York iets vaster tegenover de Duitse mark en de Japanse yen. Op de goudmarkt was het rustig. AMSTERDAM (ANP/RTR) — Het pond sterling was vandaag opnieuw gevoelig voor de Europese valutamarkten. Na de politieke onrust in Londen zakte de Britse munt verder weg. De Duitse mark en de gulden profiteerden van de vlucht naar veilige valuta. De dollar bleef redelijk stabiel. Handelaren verwachten dat de druk op het pond de komende dagen aanhoudt, zolang er geen duidelijkheid komt over de koers van de Britse regering. De Japanse yen noteerde eveneens iets vaster. AMSTERDAM (ANP/RTR) — Het pond sterling was vandaag opnieuw gevoelig voor de Europese valutamarkten. Na de politieke onrust in Londen zakte de Britse munt verder weg. De Duitse mark en de gulden profiteerden van de vlucht naar veilige valuta. De dollar bleef redelijk stabiel. Handelaren verwachten dat de druk op het pond de komende dagen aanhoudt, zolang er geen duidelijkheid komt over de koers van de Britse regering. De Japanse yen noteerde eveneens iets vaster. AMSTERDAM (ANP/RTR) — Het pond sterling was vandaag opnieuw gevoelig voor de Europese valutamarkten. Na de politieke onrust in Londen zakte de Britse munt verder weg. De Duitse mark en de gulden profiteerden van de vlucht naar veilige valuta. De dollar bleef redelijk stabiel. Handelaren verwachten dat de druk op het pond de komende dagen aanhoudt, zolang er geen duidelijkheid komt over de koers van de Britse regering. De Japanse yen noteerde eveneens iets vaster.
AMSTERDAM (ANP/RTR) — Het pond sterling was vandaag opnieuw gevoelig voor de Europese valutamarkten. Na de politieke onrust in Londen zakte de Britse munt verder weg. De Duitse mark en de gulden profiteerden van de vlucht naar veilige valuta. De dollar bleef redelijk stabiel. Handelaren verwachten dat de druk op het pond de komende dagen aanhoudt, zolang er geen duidelijkheid komt over de koers van de Britse regering. De Japanse yen noteerde eveneens iets vaster. AMSTERDAM (ANP/RTR) — Het pond sterling was vandaag opnieuw gevoelig voor de Europese valutamarkten. Na de politieke onrust in Londen zakte de Britse munt verder weg. De Duitse mark en de gulden profiteerden van de vlucht naar veilige valuta. De dollar bleef redelijk stabiel. Handelaren verwachten dat de druk op het pond de komende dagen aanhoudt, zolang er geen duidelijkheid komt over de koers van de Britse regering. De Japanse yen noteerde eveneens iets vaster. AMSTERDAM (ANP/RTR) — Het pond sterling was vandaag opnieuw gevoelig voor de Europese valutamarkten. Na de politieke onrust in Londen zakte de Britse munt verder weg. De Duitse mark en de gulden profiteerden van de vlucht naar veilige valuta. De dollar bleef redelijk stabiel. Handelaren verwachten dat de druk op het pond de komende dagen aanhoudt, zolang er geen duidelijkheid komt over de koers van de Britse regering. De Japanse yen noteerde eveneens iets vaster. AMSTERDAM (ANP/RTR) — Het pond sterling was vandaag opnieuw gevoelig voor de Europese valutamarkten. Na de politieke onrust in Londen zakte de Britse munt verder weg. De Duitse mark en de gulden profiteerden van de vlucht naar veilige valuta. De dollar bleef redelijk stabiel. Handelaren verwachten dat de druk op het pond de komende dagen aanhoudt, zolang er geen duidelijkheid komt over de koers van de Britse regering. De Japanse yen noteerde eveneens iets vaster. AMSTERDAM (ANP/RTR) — Het pond sterling was vandaag opnieuw gevoelig voor de Europese valutamarkten. Na de politieke onrust in Londen zakte de Britse munt verder weg. De Duitse mark en de gulden profiteerden van de vlucht naar veilige valuta. De dollar bleef redelijk stabiel. Handelaren verwachten dat de druk op het pond de komende dagen aanhoudt, zolang er geen duidelijkheid komt over de koers van de Britse regering. De Japanse yen noteerde eveneens iets vaster. AMSTERDAM (ANP/RTR) — Het pond sterling was vandaag opnieuw gevoelig voor de Europese valutamarkten. Na de politieke onrust in Londen zakte de Britse munt verder weg. De Duitse mark en de gulden profiteerden van de vlucht naar veilige valuta. De dollar bleef redelijk stabiel. Handelaren verwachten dat de druk op het pond de komende dagen aanhoudt, zolang er geen duidelijkheid komt over de koers van de Britse regering. De Japanse yen noteerde eveneens iets vaster.
